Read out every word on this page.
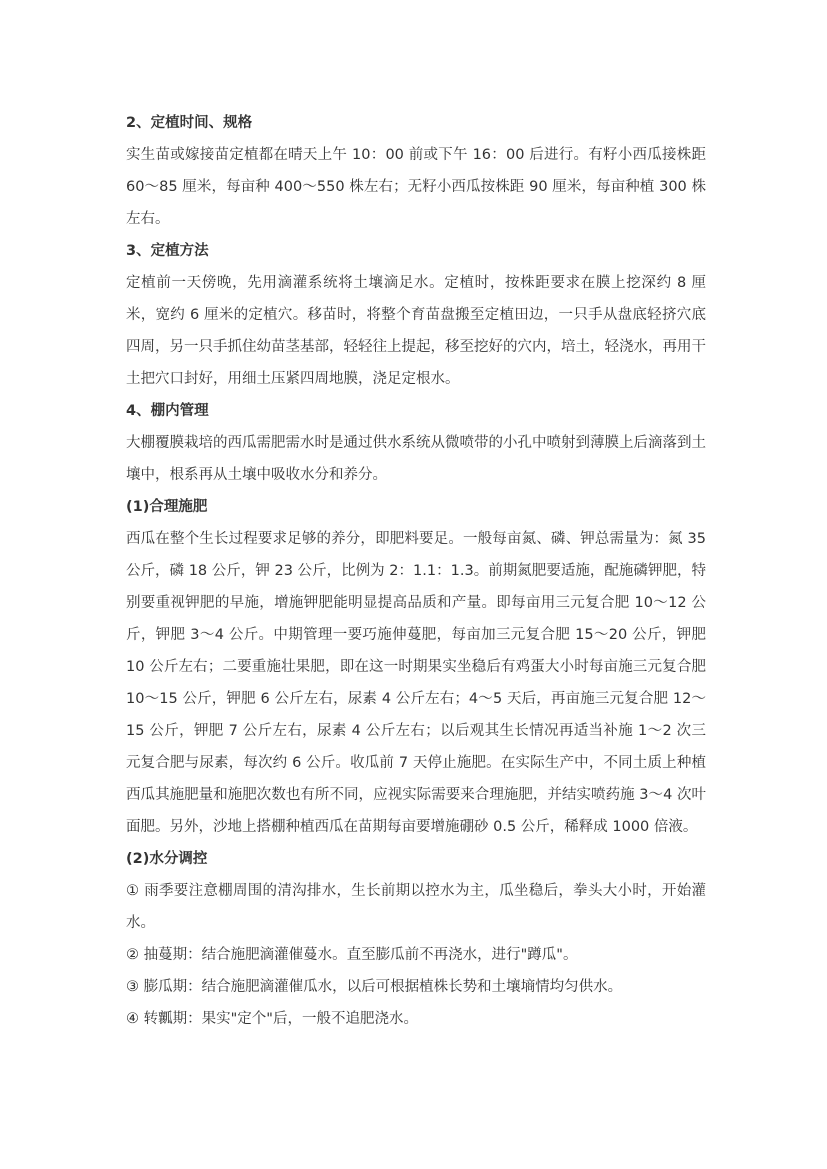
2、定植时间、规格

实生苗或嫁接苗定植都在晴天上午 10：00 前或下午 16：00 后进行。有籽小西瓜接株距 60～85 厘米，每亩种 400～550 株左右；无籽小西瓜按株距 90 厘米，每亩种植 300 株左右。

3、定植方法

定植前一天傍晚，先用滴灌系统将土壤滴足水。定植时，按株距要求在膜上挖深约 8 厘米，宽约 6 厘米的定植穴。移苗时，将整个育苗盘搬至定植田边，一只手从盘底轻挤穴底四周，另一只手抓住幼苗茎基部，轻轻往上提起，移至挖好的穴内，培土，轻浇水，再用干土把穴口封好，用细土压紧四周地膜，浇足定根水。

4、棚内管理

大棚覆膜栽培的西瓜需肥需水时是通过供水系统从微喷带的小孔中喷射到薄膜上后滴落到土壤中，根系再从土壤中吸收水分和养分。

(1)合理施肥

西瓜在整个生长过程要求足够的养分，即肥料要足。一般每亩氮、磷、钾总需量为：氮 35 公斤，磷 18 公斤，钾 23 公斤，比例为 2：1.1：1.3。前期氮肥要适施，配施磷钾肥，特别要重视钾肥的早施，增施钾肥能明显提高品质和产量。即每亩用三元复合肥 10～12 公斤，钾肥 3～4 公斤。中期管理一要巧施伸蔓肥，每亩加三元复合肥 15～20 公斤，钾肥 10 公斤左右；二要重施壮果肥，即在这一时期果实坐稳后有鸡蛋大小时每亩施三元复合肥 10～15 公斤，钾肥 6 公斤左右，尿素 4 公斤左右；4～5 天后，再亩施三元复合肥 12～15 公斤，钾肥 7 公斤左右，尿素 4 公斤左右；以后观其生长情况再适当补施 1～2 次三元复合肥与尿素，每次约 6 公斤。收瓜前 7 天停止施肥。在实际生产中，不同土质上种植西瓜其施肥量和施肥次数也有所不同，应视实际需要来合理施肥，并结实喷药施 3～4 次叶面肥。另外，沙地上搭棚种植西瓜在苗期每亩要增施硼砂 0.5 公斤，稀释成 1000 倍液。

(2)水分调控

① 雨季要注意棚周围的清沟排水，生长前期以控水为主，瓜坐稳后，拳头大小时，开始灌水。

② 抽蔓期：结合施肥滴灌催蔓水。直至膨瓜前不再浇水，进行"蹲瓜"。

③ 膨瓜期：结合施肥滴灌催瓜水，以后可根据植株长势和土壤墒情均匀供水。

④ 转瓤期：果实"定个"后，一般不追肥浇水。
